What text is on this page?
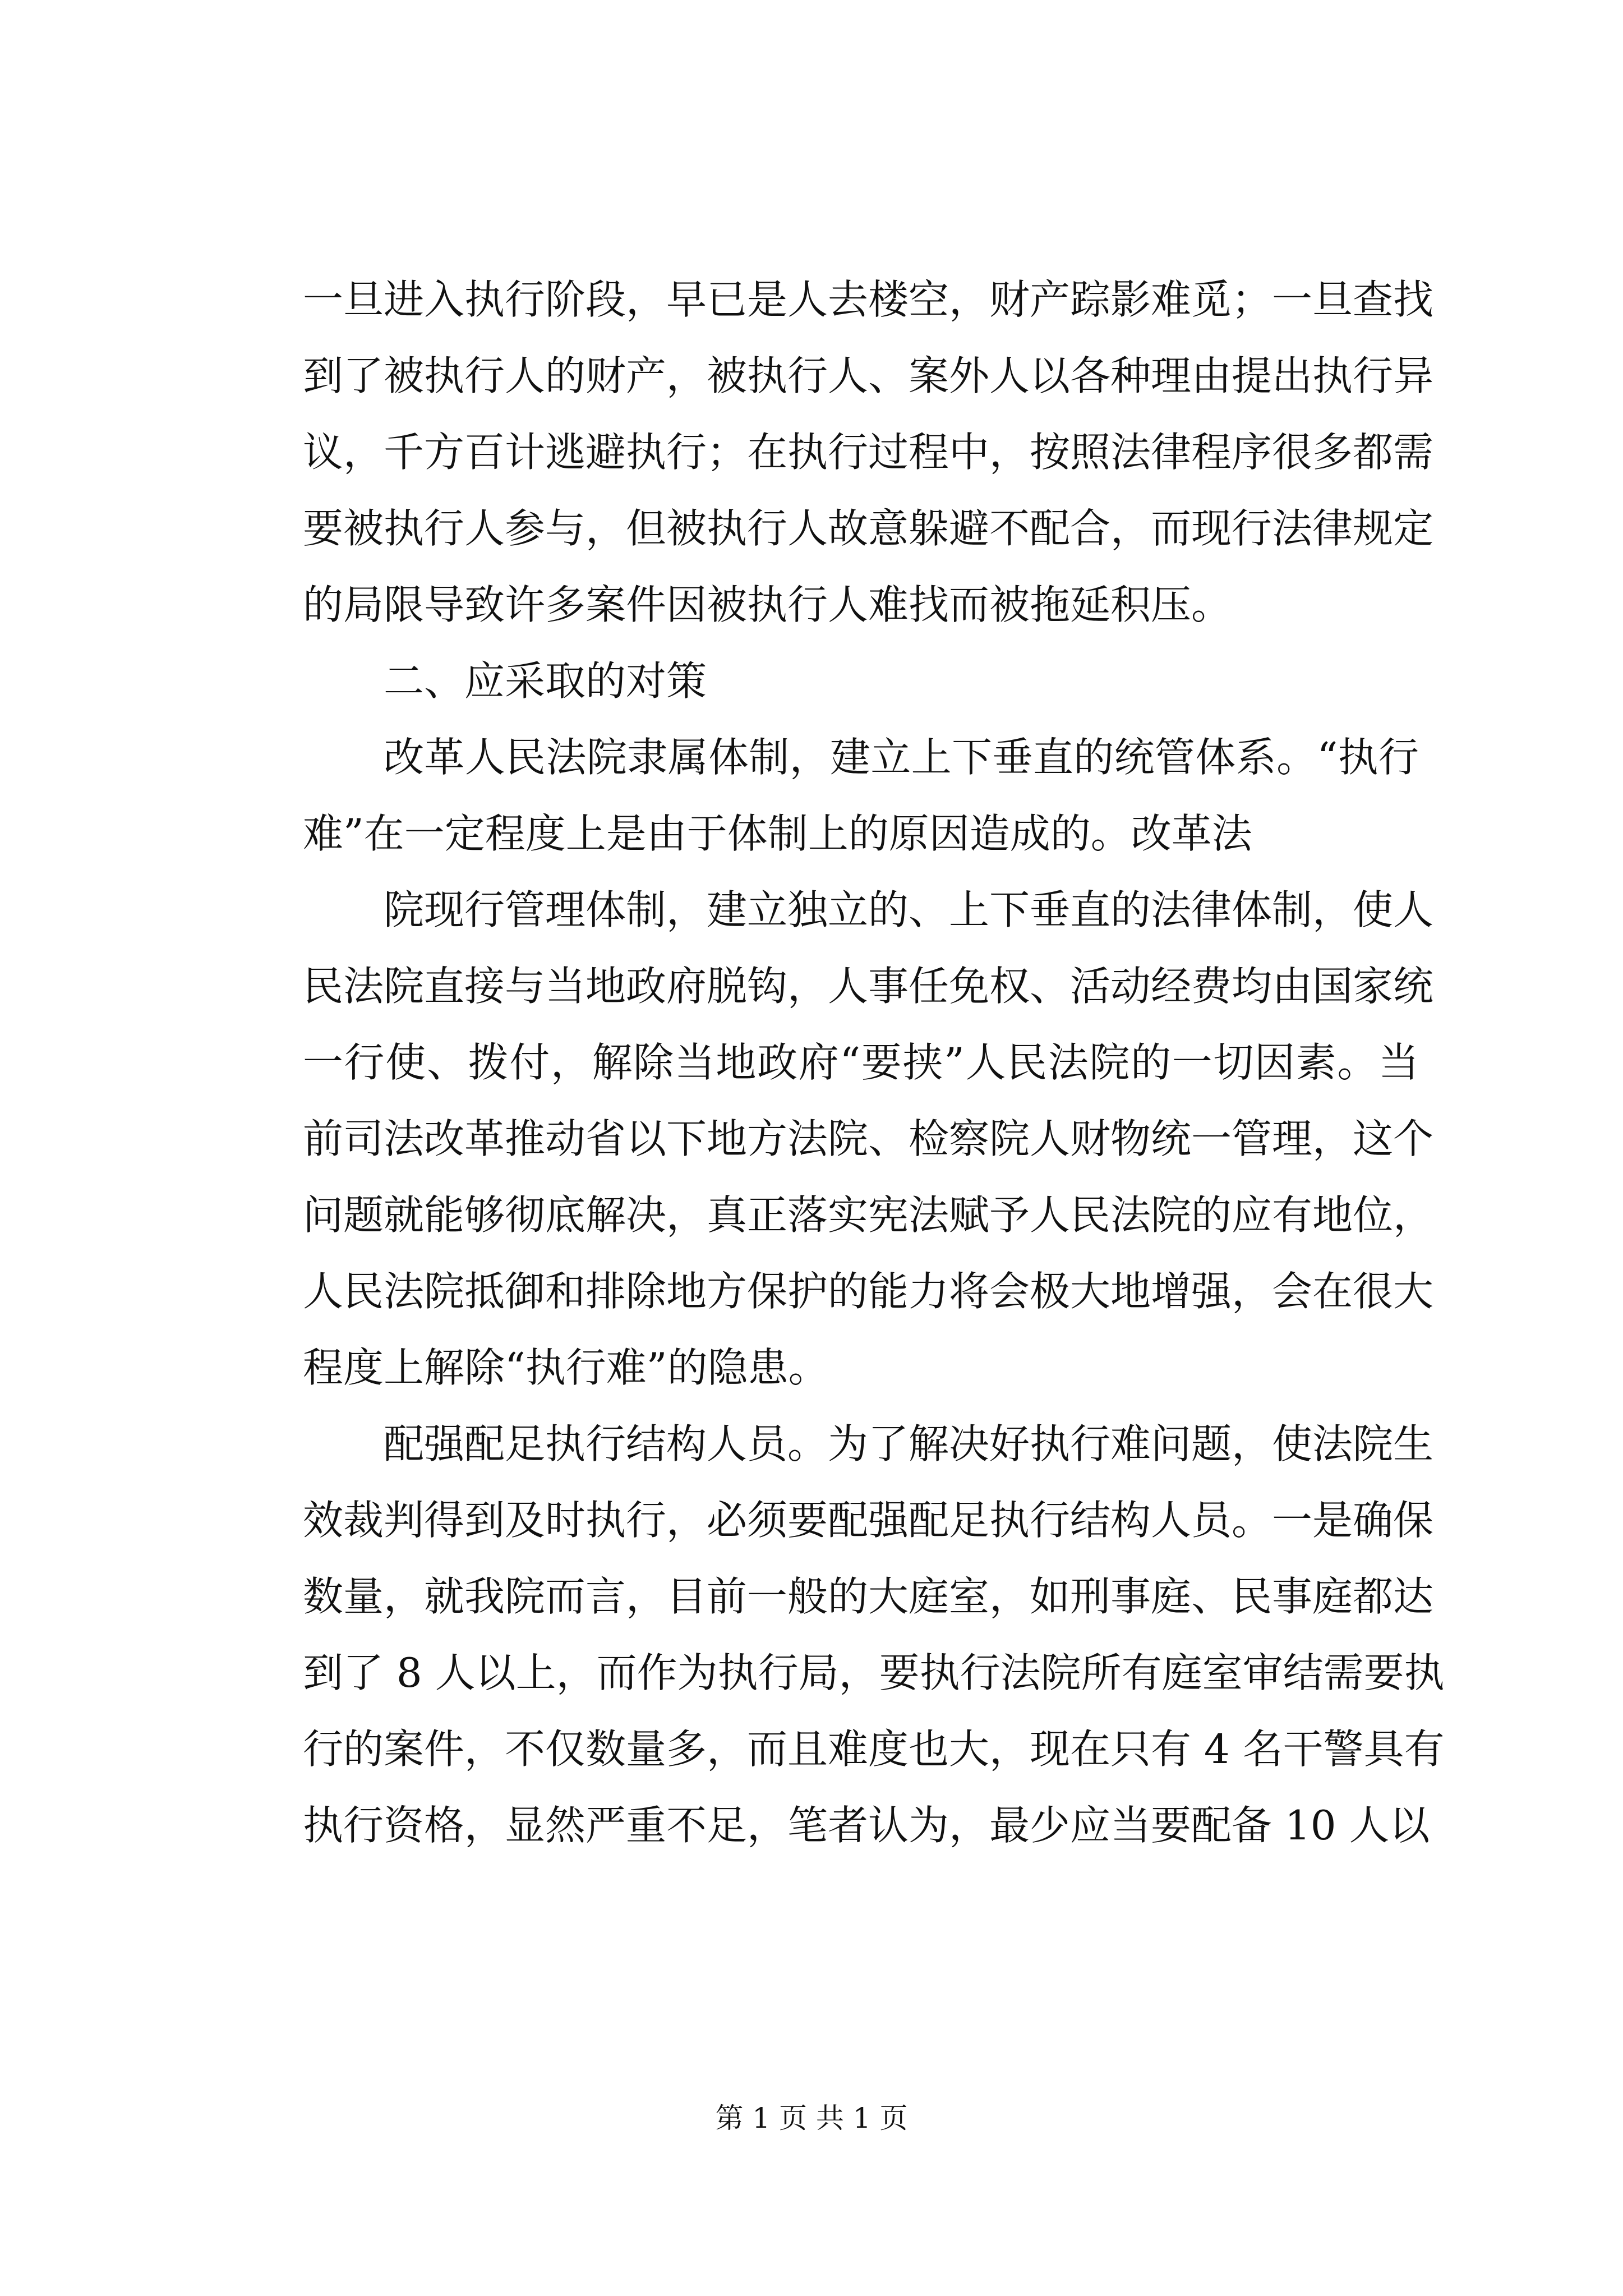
一旦进入执行阶段，早已是人去楼空，财产踪影难觅；一旦查找
到了被执行人的财产，被执行人、案外人以各种理由提出执行异
议，千方百计逃避执行；在执行过程中，按照法律程序很多都需
要被执行人参与，但被执行人故意躲避不配合，而现行法律规定
的局限导致许多案件因被执行人难找而被拖延积压。
二、应采取的对策
改革人民法院隶属体制，建立上下垂直的统管体系。“执行
难”在一定程度上是由于体制上的原因造成的。改革法
院现行管理体制，建立独立的、上下垂直的法律体制，使人
民法院直接与当地政府脱钩，人事任免权、活动经费均由国家统
一行使、拨付，解除当地政府“要挟”人民法院的一切因素。当
前司法改革推动省以下地方法院、检察院人财物统一管理，这个
问题就能够彻底解决，真正落实宪法赋予人民法院的应有地位，
人民法院抵御和排除地方保护的能力将会极大地增强，会在很大
程度上解除“执行难”的隐患。
配强配足执行结构人员。为了解决好执行难问题，使法院生
效裁判得到及时执行，必须要配强配足执行结构人员。一是确保
数量，就我院而言，目前一般的大庭室，如刑事庭、民事庭都达
到了 8 人以上，而作为执行局，要执行法院所有庭室审结需要执
行的案件，不仅数量多，而且难度也大，现在只有 4 名干警具有
执行资格，显然严重不足，笔者认为，最少应当要配备 10 人以
第 1 页 共 1 页
